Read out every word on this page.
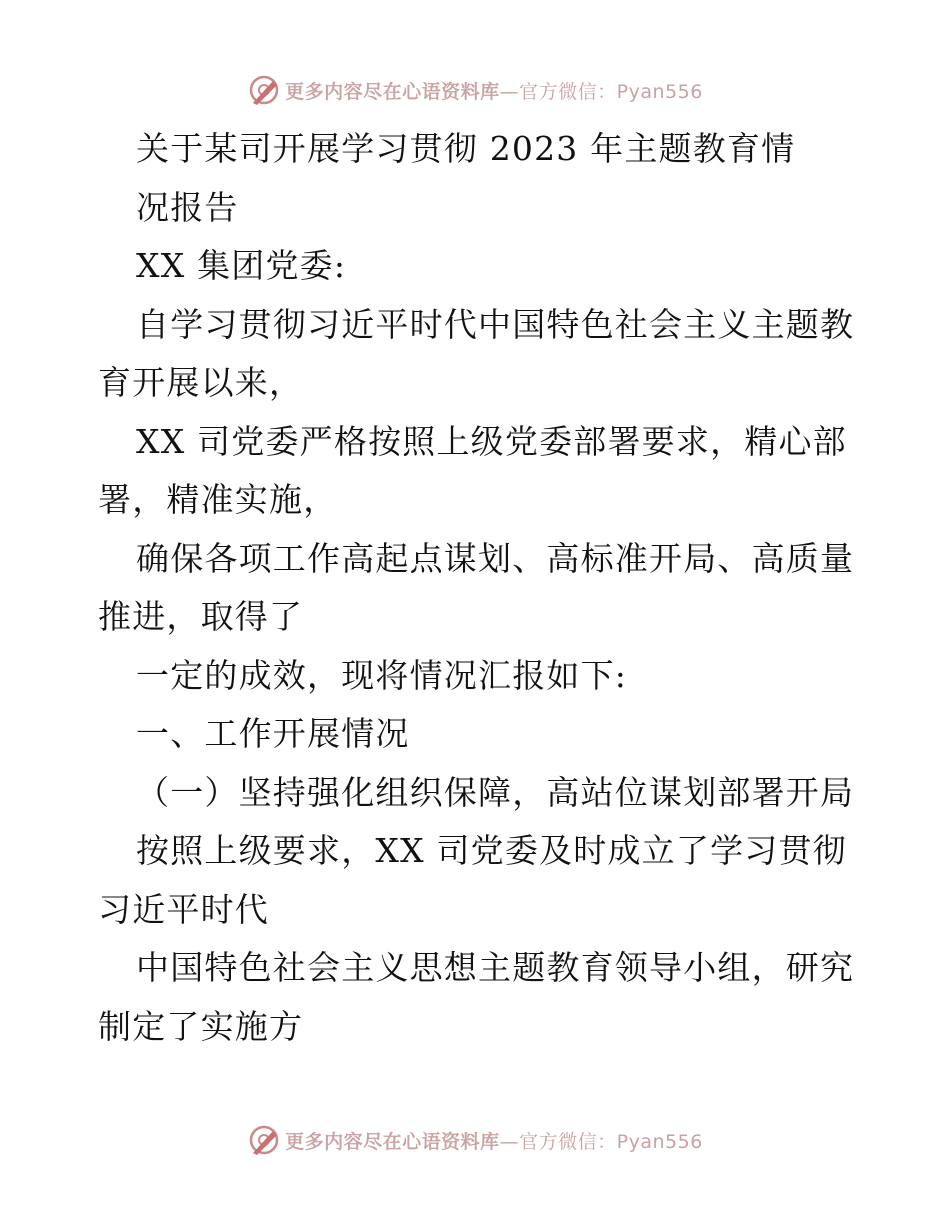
更多内容尽在心语资料库—官方微信：Pyan556
关于某司开展学习贯彻 2023 年主题教育情
况报告
XX 集团党委:
自学习贯彻习近平时代中国特色社会主义主题教
育开展以来，
XX 司党委严格按照上级党委部署要求，精心部
署，精准实施，
确保各项工作高起点谋划、高标准开局、高质量
推进，取得了
一定的成效，现将情况汇报如下:
一、工作开展情况
（一）坚持强化组织保障，高站位谋划部署开局
按照上级要求，XX 司党委及时成立了学习贯彻
习近平时代
中国特色社会主义思想主题教育领导小组，研究
制定了实施方
更多内容尽在心语资料库—官方微信：Pyan556
